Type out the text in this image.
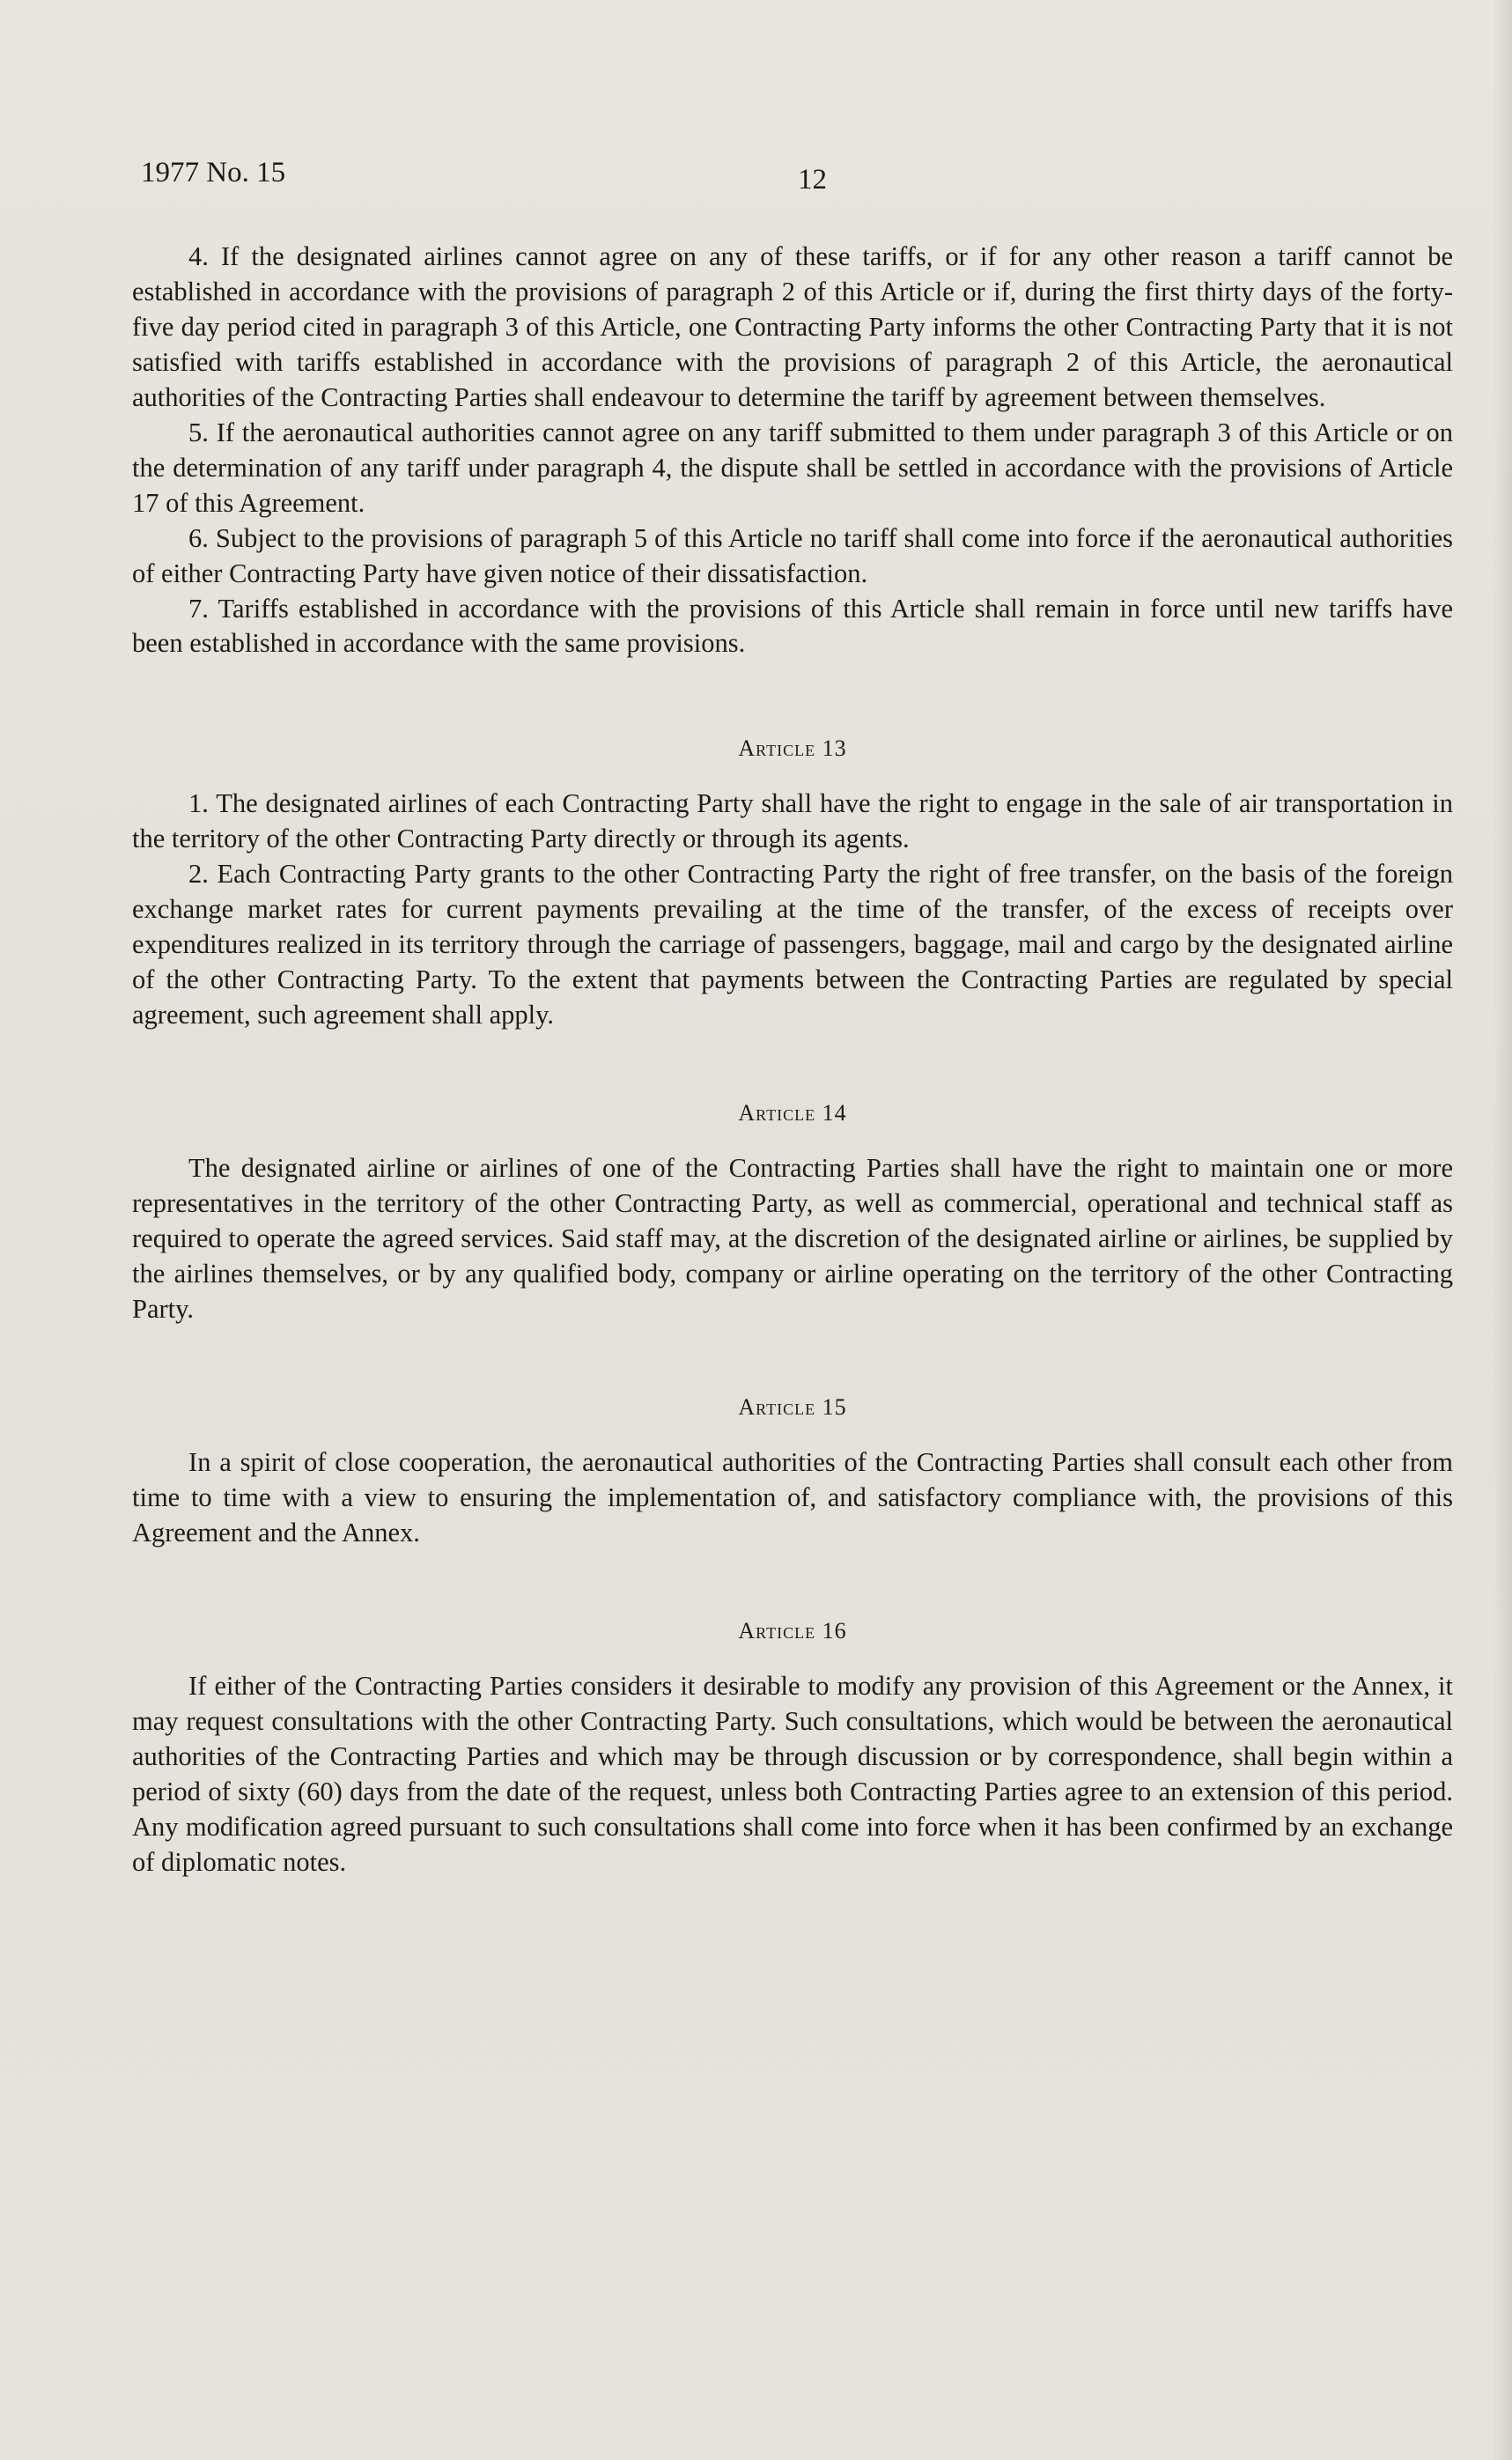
1977 No. 15	12

4. If the designated airlines cannot agree on any of these tariffs, or if for any other reason a tariff cannot be established in accordance with the provisions of paragraph 2 of this Article or if, during the first thirty days of the forty-five day period cited in paragraph 3 of this Article, one Contracting Party informs the other Contracting Party that it is not satisfied with tariffs established in accordance with the provisions of paragraph 2 of this Article, the aeronautical authorities of the Contracting Parties shall endeavour to determine the tariff by agreement between themselves.

5. If the aeronautical authorities cannot agree on any tariff submitted to them under paragraph 3 of this Article or on the determination of any tariff under paragraph 4, the dispute shall be settled in accordance with the provisions of Article 17 of this Agreement.

6. Subject to the provisions of paragraph 5 of this Article no tariff shall come into force if the aeronautical authorities of either Contracting Party have given notice of their dissatisfaction.

7. Tariffs established in accordance with the provisions of this Article shall remain in force until new tariffs have been established in accordance with the same provisions.

Article 13

1. The designated airlines of each Contracting Party shall have the right to engage in the sale of air transportation in the territory of the other Contracting Party directly or through its agents.

2. Each Contracting Party grants to the other Contracting Party the right of free transfer, on the basis of the foreign exchange market rates for current payments prevailing at the time of the transfer, of the excess of receipts over expenditures realized in its territory through the carriage of passengers, baggage, mail and cargo by the designated airline of the other Contracting Party. To the extent that payments between the Contracting Parties are regulated by special agreement, such agreement shall apply.

Article 14

The designated airline or airlines of one of the Contracting Parties shall have the right to maintain one or more representatives in the territory of the other Contracting Party, as well as commercial, operational and technical staff as required to operate the agreed services. Said staff may, at the discretion of the designated airline or airlines, be supplied by the airlines themselves, or by any qualified body, company or airline operating on the territory of the other Contracting Party.

Article 15

In a spirit of close cooperation, the aeronautical authorities of the Contracting Parties shall consult each other from time to time with a view to ensuring the implementation of, and satisfactory compliance with, the provisions of this Agreement and the Annex.

Article 16

If either of the Contracting Parties considers it desirable to modify any provision of this Agreement or the Annex, it may request consultations with the other Contracting Party. Such consultations, which would be between the aeronautical authorities of the Contracting Parties and which may be through discussion or by correspondence, shall begin within a period of sixty (60) days from the date of the request, unless both Contracting Parties agree to an extension of this period. Any modification agreed pursuant to such consultations shall come into force when it has been confirmed by an exchange of diplomatic notes.
